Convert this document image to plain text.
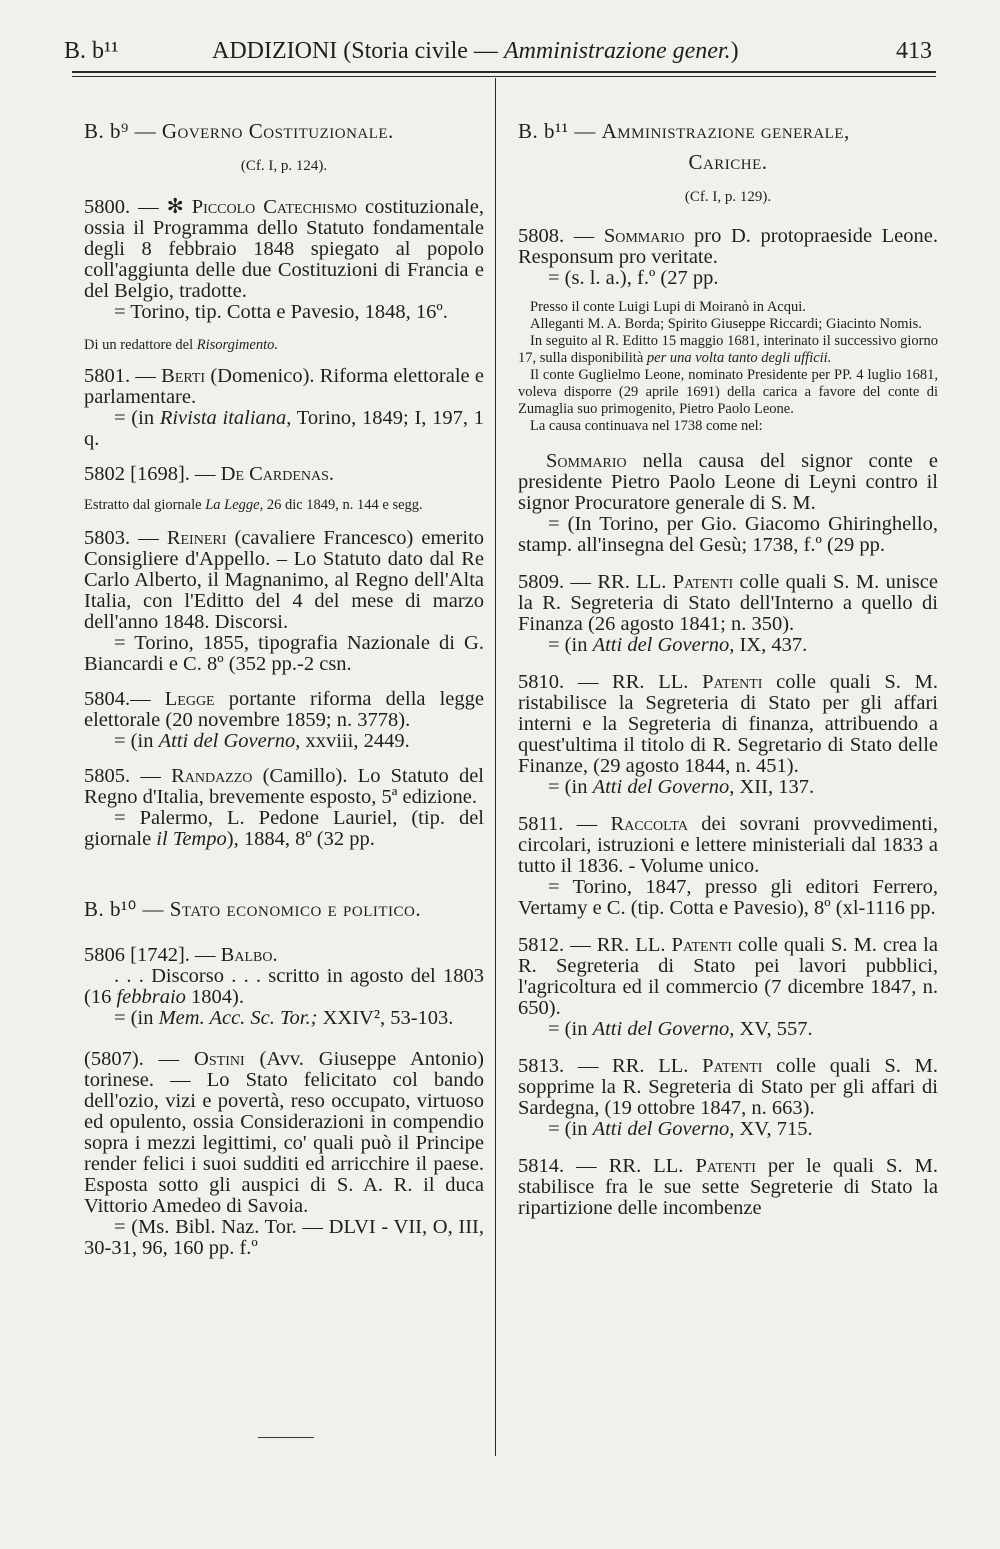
B. b¹¹	ADDIZIONI (Storia civile — Amministrazione gener.)	413
B. b⁹ — Governo Costituzionale.
(Cf. I, p. 124).
5800. — ✻ Piccolo Catechismo costituzionale, ossia il Programma dello Statuto fondamentale degli 8 febbraio 1848 spiegato al popolo coll'aggiunta delle due Costituzioni di Francia e del Belgio, tradotte.
= Torino, tip. Cotta e Pavesio, 1848, 16º.
Di un redattore del Risorgimento.
5801. — Berti (Domenico). Riforma elettorale e parlamentare.
= (in Rivista italiana, Torino, 1849; I, 197, 1 q.
5802 [1698]. — De Cardenas.
Estratto dal giornale La Legge, 26 dic 1849, n. 144 e segg.
5803. — Reineri (cavaliere Francesco) emerito Consigliere d'Appello. – Lo Statuto dato dal Re Carlo Alberto, il Magnanimo, al Regno dell'Alta Italia, con l'Editto del 4 del mese di marzo dell'anno 1848. Discorsi.
= Torino, 1855, tipografia Nazionale di G. Biancardi e C. 8º (352 pp.-2 csn.
5804.— Legge portante riforma della legge elettorale (20 novembre 1859; n. 3778).
= (in Atti del Governo, xxviii, 2449.
5805. — Randazzo (Camillo). Lo Statuto del Regno d'Italia, brevemente esposto, 5ª edizione.
= Palermo, L. Pedone Lauriel, (tip. del giornale il Tempo), 1884, 8º (32 pp.
B. b¹⁰ — Stato economico e politico.
5806 [1742]. — Balbo.
. . . Discorso . . . scritto in agosto del 1803 (16 febbraio 1804).
= (in Mem. Acc. Sc. Tor.; XXIV², 53-103.
(5807). — Ostini (Avv. Giuseppe Antonio) torinese. — Lo Stato felicitato col bando dell'ozio, vizi e povertà, reso occupato, virtuoso ed opulento, ossia Considerazioni in compendio sopra i mezzi legittimi, co' quali può il Principe render felici i suoi sudditi ed arricchire il paese. Esposta sotto gli auspici di S. A. R. il duca Vittorio Amedeo di Savoia.
= (Ms. Bibl. Naz. Tor. — DLVI - VII, O, III, 30-31, 96, 160 pp. f.º
B. b¹¹ — Amministrazione generale,
Cariche.
(Cf. I, p. 129).
5808. — Sommario pro D. protopraeside Leone. Responsum pro veritate.
= (s. l. a.), f.º (27 pp.
Presso il conte Luigi Lupi di Moiranò in Acqui.
Alleganti M. A. Borda; Spirito Giuseppe Riccardi; Giacinto Nomis.
In seguito al R. Editto 15 maggio 1681, interinato il successivo giorno 17, sulla disponibilità per una volta tanto degli ufficii.
Il conte Guglielmo Leone, nominato Presidente per PP. 4 luglio 1681, voleva disporre (29 aprile 1691) della carica a favore del conte di Zumaglia suo primogenito, Pietro Paolo Leone.
La causa continuava nel 1738 come nel:
Sommario nella causa del signor conte e presidente Pietro Paolo Leone di Leyni contro il signor Procuratore generale di S. M.
= (In Torino, per Gio. Giacomo Ghiringhello, stamp. all'insegna del Gesù; 1738, f.º (29 pp.
5809. — RR. LL. Patenti colle quali S. M. unisce la R. Segreteria di Stato dell'Interno a quello di Finanza (26 agosto 1841; n. 350).
= (in Atti del Governo, IX, 437.
5810. — RR. LL. Patenti colle quali S. M. ristabilisce la Segreteria di Stato per gli affari interni e la Segreteria di finanza, attribuendo a quest'ultima il titolo di R. Segretario di Stato delle Finanze, (29 agosto 1844, n. 451).
= (in Atti del Governo, XII, 137.
5811. — Raccolta dei sovrani provvedimenti, circolari, istruzioni e lettere ministeriali dal 1833 a tutto il 1836. - Volume unico.
= Torino, 1847, presso gli editori Ferrero, Vertamy e C. (tip. Cotta e Pavesio), 8º (xl-1116 pp.
5812. — RR. LL. Patenti colle quali S. M. crea la R. Segreteria di Stato pei lavori pubblici, l'agricoltura ed il commercio (7 dicembre 1847, n. 650).
= (in Atti del Governo, XV, 557.
5813. — RR. LL. Patenti colle quali S. M. sopprime la R. Segreteria di Stato per gli affari di Sardegna, (19 ottobre 1847, n. 663).
= (in Atti del Governo, XV, 715.
5814. — RR. LL. Patenti per le quali S. M. stabilisce fra le sue sette Segreterie di Stato la ripartizione delle incombenze
